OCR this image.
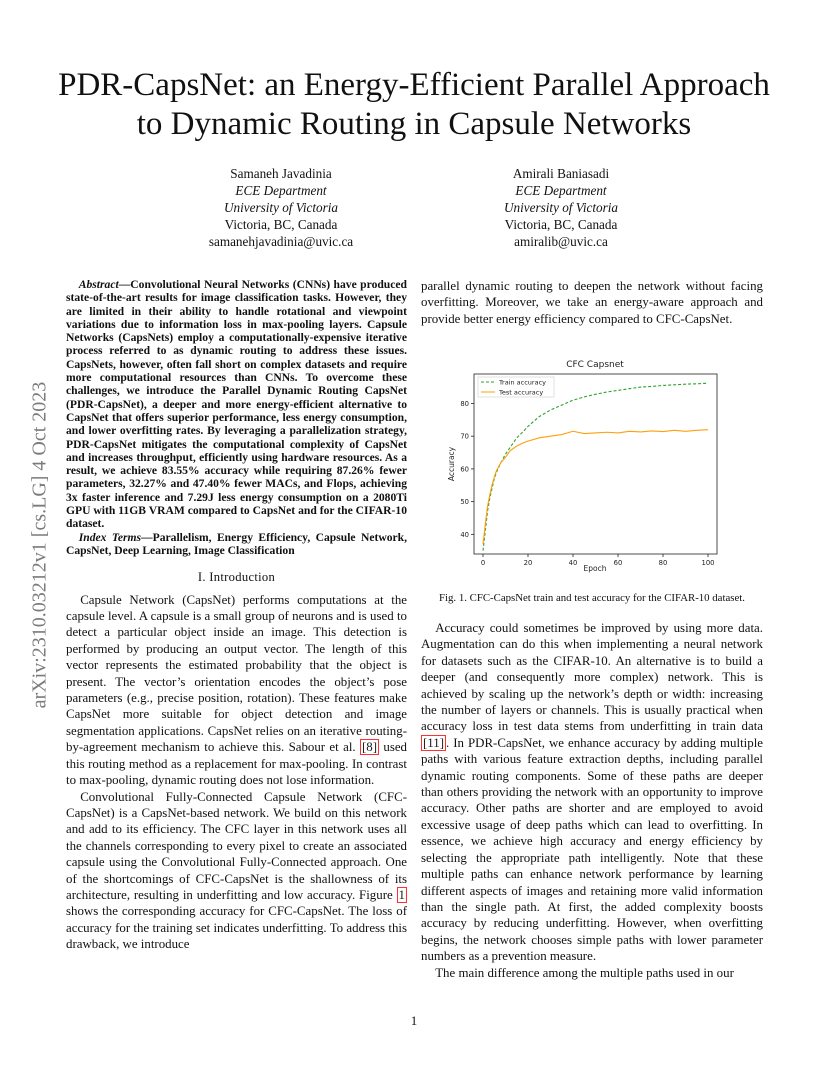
PDR-CapsNet: an Energy-Efficient Parallel Approach
to Dynamic Routing in Capsule Networks
Samaneh Javadinia
ECE Department
University of Victoria
Victoria, BC, Canada
samanehjavadinia@uvic.ca
Amirali Baniasadi
ECE Department
University of Victoria
Victoria, BC, Canada
amiralib@uvic.ca
arXiv:2310.03212v1 [cs.LG] 4 Oct 2023

Abstract—Convolutional Neural Networks (CNNs) have produced state-of-the-art results for image classification tasks. However, they are limited in their ability to handle rotational and viewpoint variations due to information loss in max-pooling layers. Capsule Networks (CapsNets) employ a computationally-expensive iterative process referred to as dynamic routing to address these issues. CapsNets, however, often fall short on complex datasets and require more computational resources than CNNs. To overcome these challenges, we introduce the Parallel Dynamic Routing CapsNet (PDR-CapsNet), a deeper and more energy-efficient alternative to CapsNet that offers superior performance, less energy consumption, and lower overfitting rates. By leveraging a parallelization strategy, PDR-CapsNet mitigates the computational complexity of CapsNet and increases throughput, efficiently using hardware resources. As a result, we achieve 83.55% accuracy while requiring 87.26% fewer parameters, 32.27% and 47.40% fewer MACs, and Flops, achieving 3x faster inference and 7.29J less energy consumption on a 2080Ti GPU with 11GB VRAM compared to CapsNet and for the CIFAR-10 dataset.

Index Terms—Parallelism, Energy Efficiency, Capsule Network, CapsNet, Deep Learning, Image Classification

I. Introduction

Capsule Network (CapsNet) performs computations at the capsule level. A capsule is a small group of neurons and is used to detect a particular object inside an image. This detection is performed by producing an output vector. The length of this vector represents the estimated probability that the object is present. The vector’s orientation encodes the object’s pose parameters (e.g., precise position, rotation). These features make CapsNet more suitable for object detection and image segmentation applications. CapsNet relies on an iterative routing-by-agreement mechanism to achieve this. Sabour et al. [8] used this routing method as a replacement for max-pooling. In contrast to max-pooling, dynamic routing does not lose information.

Convolutional Fully-Connected Capsule Network (CFC-CapsNet) is a CapsNet-based network. We build on this network and add to its efficiency. The CFC layer in this network uses all the channels corresponding to every pixel to create an associated capsule using the Convolutional Fully-Connected approach. One of the shortcomings of CFC-CapsNet is the shallowness of its architecture, resulting in underfitting and low accuracy. Figure 1 shows the corresponding accuracy for CFC-CapsNet. The loss of accuracy for the training set indicates underfitting. To address this drawback, we introduce

parallel dynamic routing to deepen the network without facing overfitting. Moreover, we take an energy-aware approach and provide better energy efficiency compared to CFC-CapsNet.

CFC Capsnet
0	20	40	60	80	100
40
50
60
70
80
Epoch
Accuracy
Train accuracy
Test accuracy
Fig. 1. CFC-CapsNet train and test accuracy for the CIFAR-10 dataset.

Accuracy could sometimes be improved by using more data. Augmentation can do this when implementing a neural network for datasets such as the CIFAR-10. An alternative is to build a deeper (and consequently more complex) network. This is achieved by scaling up the network’s depth or width: increasing the number of layers or channels. This is usually practical when accuracy loss in test data stems from underfitting in train data [11] . In PDR-CapsNet, we enhance accuracy by adding multiple paths with various feature extraction depths, including parallel dynamic routing components. Some of these paths are deeper than others providing the network with an opportunity to improve accuracy. Other paths are shorter and are employed to avoid excessive usage of deep paths which can lead to overfitting. In essence, we achieve high accuracy and energy efficiency by selecting the appropriate path intelligently. Note that these multiple paths can enhance network performance by learning different aspects of images and retaining more valid information than the single path. At first, the added complexity boosts accuracy by reducing underfitting. However, when overfitting begins, the network chooses simple paths with lower parameter numbers as a prevention measure.

The main difference among the multiple paths used in our

1
